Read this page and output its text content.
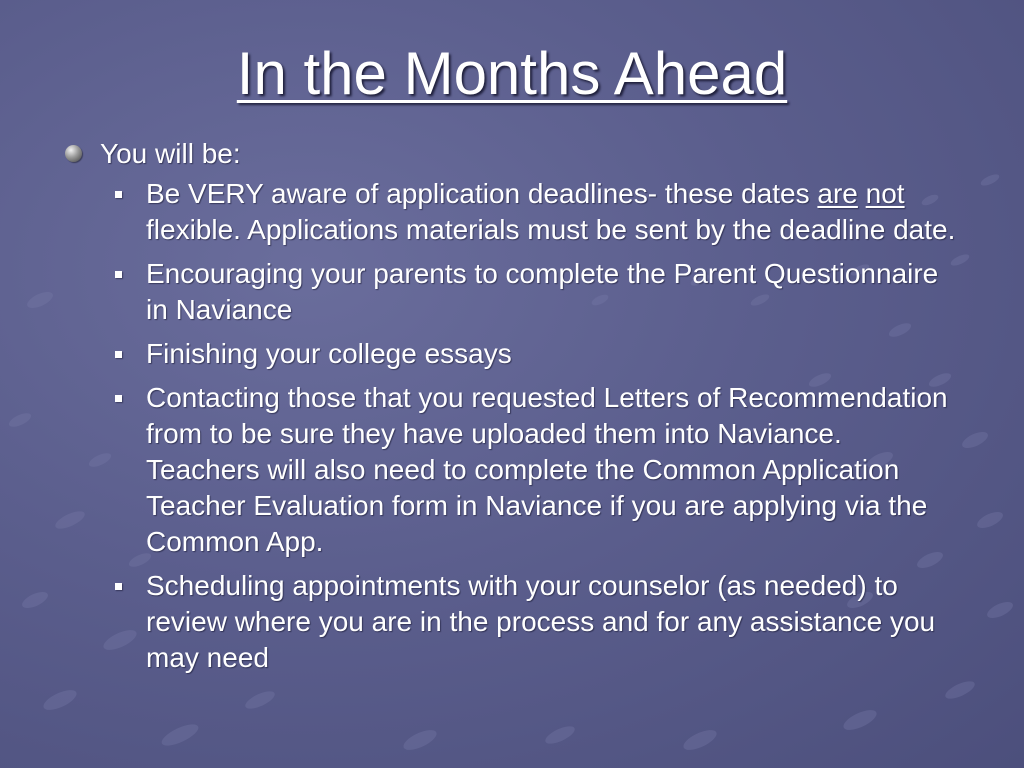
In the Months Ahead
You will be:
Be VERY aware of application deadlines- these dates are not flexible. Applications materials must be sent by the deadline date.
Encouraging your parents to complete the Parent Questionnaire in Naviance
Finishing your college essays
Contacting those that you requested Letters of Recommendation from to be sure they have uploaded them into Naviance. Teachers will also need to complete the Common Application Teacher Evaluation form in Naviance if you are applying via the Common App.
Scheduling appointments with your counselor (as needed) to review where you are in the process and for any assistance you may need
